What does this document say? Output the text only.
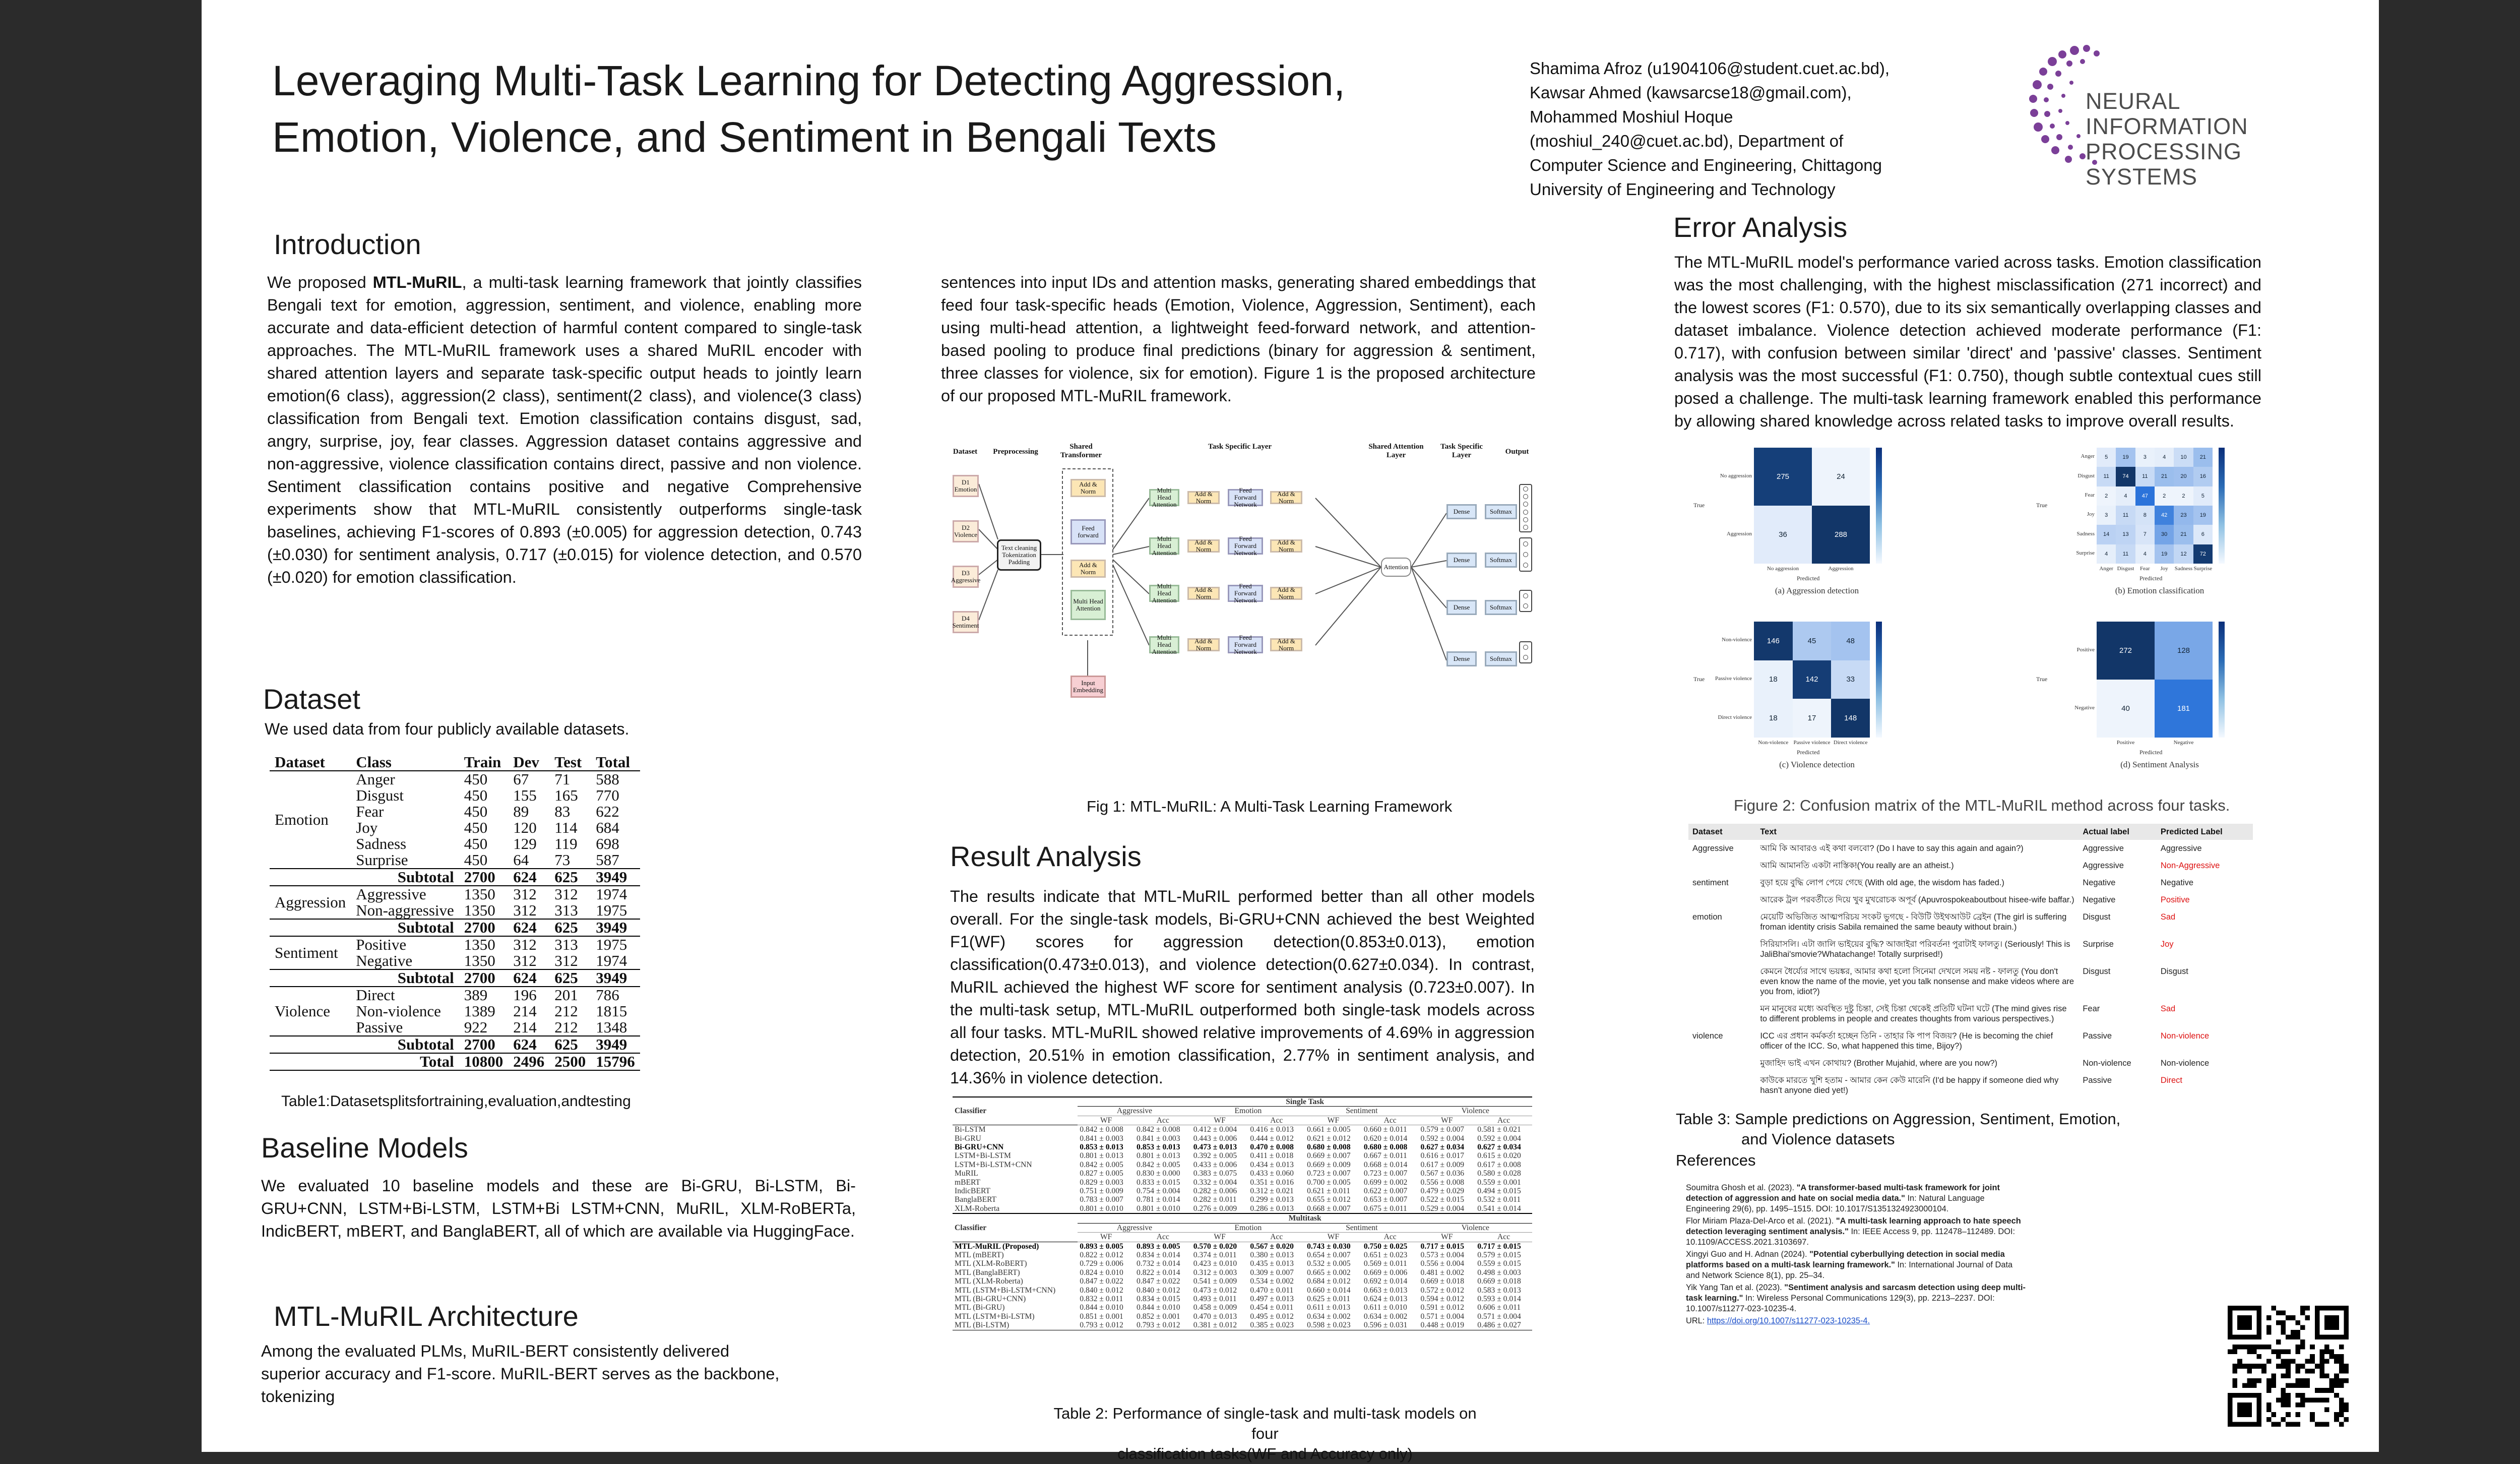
Leveraging Multi-Task Learning for Detecting Aggression,
Emotion, Violence, and Sentiment in Bengali Texts
Shamima Afroz (u1904106@student.cuet.ac.bd),
Kawsar Ahmed (kawsarcse18@gmail.com),
Mohammed Moshiul Hoque
(moshiul_240@cuet.ac.bd), Department of
Computer Science and Engineering, Chittagong
University of Engineering and Technology
NEURAL INFORMATION
PROCESSING SYSTEMS
Introduction
We proposed MTL-MuRIL, a multi-task learning framework that jointly classifies Bengali text for emotion, aggression, sentiment, and violence, enabling more accurate and data-efficient detection of harmful content compared to single-task approaches. The MTL-MuRIL framework uses a shared MuRIL encoder with shared attention layers and separate task-specific output heads to jointly learn emotion(6 class), aggression(2 class), sentiment(2 class), and violence(3 class) classification from Bengali text. Emotion classification contains disgust, sad, angry, surprise, joy, fear classes. Aggression dataset contains aggressive and non-aggressive, violence classification contains direct, passive and non violence. Sentiment classification contains positive and negative Comprehensive experiments show that MTL-MuRIL consistently outperforms single-task baselines, achieving F1-scores of 0.893 (±0.005) for aggression detection, 0.743 (±0.030) for sentiment analysis, 0.717 (±0.015) for violence detection, and 0.570 (±0.020) for emotion classification.
Dataset
We used data from four publicly available datasets.
Dataset	Class	Train	Dev	Test	Total
Emotion	Anger	450	67	71	588
	Disgust	450	155	165	770
	Fear	450	89	83	622
	Joy	450	120	114	684
	Sadness	450	129	119	698
	Surprise	450	64	73	587
	Subtotal	2700	624	625	3949
Aggression	Aggressive	1350	312	312	1974
	Non-aggressive	1350	312	313	1975
	Subtotal	2700	624	625	3949
Sentiment	Positive	1350	312	313	1975
	Negative	1350	312	312	1974
	Subtotal	2700	624	625	3949
Violence	Direct	389	196	201	786
	Non-violence	1389	214	212	1815
	Passive	922	214	212	1348
	Subtotal	2700	624	625	3949
	Total	10800	2496	2500	15796
Table1:Datasetsplitsfortraining,evaluation,andtesting
Baseline Models
We evaluated 10 baseline models and these are Bi-GRU, Bi-LSTM, Bi-GRU+CNN, LSTM+Bi-LSTM, LSTM+Bi LSTM+CNN, MuRIL, XLM-RoBERTa, IndicBERT, mBERT, and BanglaBERT, all of which are available via HuggingFace.
MTL-MuRIL Architecture
Among the evaluated PLMs, MuRIL-BERT consistently delivered
superior accuracy and F1-score. MuRIL-BERT serves as the backbone, tokenizing
sentences into input IDs and attention masks, generating shared embeddings that feed four task-specific heads (Emotion, Violence, Aggression, Sentiment), each using multi-head attention, a lightweight feed-forward network, and attention-based pooling to produce final predictions (binary for aggression & sentiment, three classes for violence, six for emotion). Figure 1 is the proposed architecture of our proposed MTL-MuRIL framework.
Dataset	Preprocessing
Shared Transformer
Task Specific Layer	Shared Attention Layer
Task Specific Layer	Output
D1 Emotion
D2 Violence
D3 Aggressive
D4 Sentiment
Text cleaning Tokenization Padding
Add & Norm
Feed forward
Add & Norm
Multi Head Attention
Input Embedding
Attention
Multi Head Attention
Add & Norm
Feed Forward Network
Add & Norm
Dense	Softmax
Multi Head Attention
Add & Norm
Feed Forward Network
Add & Norm
Dense	Softmax
Multi Head Attention
Add & Norm
Feed Forward Network
Add & Norm
Dense	Softmax
Multi Head Attention
Add & Norm
Feed Forward Network
Add & Norm
Dense	Softmax
Fig 1: MTL-MuRIL: A Multi-Task Learning Framework
Result Analysis
The results indicate that MTL-MuRIL performed better than all other models overall. For the single-task models, Bi-GRU+CNN achieved the best Weighted F1(WF) scores for aggression detection(0.853±0.013), emotion classification(0.473±0.013), and violence detection(0.627±0.034). In contrast, MuRIL achieved the highest WF score for sentiment analysis (0.723±0.007). In the multi-task setup, MTL-MuRIL outperformed both single-task models across all four tasks. MTL-MuRIL showed relative improvements of 4.69% in aggression detection, 20.51% in emotion classification, 2.77% in sentiment analysis, and 14.36% in violence detection.
Classifier	Single Task							
	Aggressive		Emotion		Sentiment		Violence	
	WF	Acc	WF	Acc	WF	Acc	WF	Acc
Bi-LSTM	0.842 ± 0.008	0.842 ± 0.008	0.412 ± 0.004	0.416 ± 0.013	0.661 ± 0.005	0.660 ± 0.011	0.579 ± 0.007	0.581 ± 0.021
Bi-GRU	0.841 ± 0.003	0.841 ± 0.003	0.443 ± 0.006	0.444 ± 0.012	0.621 ± 0.012	0.620 ± 0.014	0.592 ± 0.004	0.592 ± 0.004
Bi-GRU+CNN	0.853 ± 0.013	0.853 ± 0.013	0.473 ± 0.013	0.470 ± 0.008	0.680 ± 0.008	0.680 ± 0.008	0.627 ± 0.034	0.627 ± 0.034
LSTM+Bi-LSTM	0.801 ± 0.013	0.801 ± 0.013	0.392 ± 0.005	0.411 ± 0.018	0.669 ± 0.007	0.667 ± 0.011	0.616 ± 0.017	0.615 ± 0.020
LSTM+Bi-LSTM+CNN	0.842 ± 0.005	0.842 ± 0.005	0.433 ± 0.006	0.434 ± 0.013	0.669 ± 0.009	0.668 ± 0.014	0.617 ± 0.009	0.617 ± 0.008
MuRIL	0.827 ± 0.005	0.830 ± 0.000	0.383 ± 0.075	0.433 ± 0.060	0.723 ± 0.007	0.723 ± 0.007	0.567 ± 0.036	0.580 ± 0.028
mBERT	0.829 ± 0.003	0.833 ± 0.015	0.332 ± 0.004	0.351 ± 0.016	0.700 ± 0.005	0.699 ± 0.002	0.556 ± 0.008	0.559 ± 0.001
IndicBERT	0.751 ± 0.009	0.754 ± 0.004	0.282 ± 0.006	0.312 ± 0.021	0.621 ± 0.011	0.622 ± 0.007	0.479 ± 0.029	0.494 ± 0.015
BanglaBERT	0.783 ± 0.007	0.781 ± 0.014	0.282 ± 0.011	0.299 ± 0.013	0.655 ± 0.012	0.653 ± 0.007	0.522 ± 0.015	0.532 ± 0.011
XLM-Roberta	0.801 ± 0.010	0.801 ± 0.010	0.276 ± 0.009	0.286 ± 0.013	0.668 ± 0.007	0.675 ± 0.011	0.529 ± 0.004	0.541 ± 0.014
Classifier	Multitask							
	Aggressive		Emotion		Sentiment		Violence	
	WF	Acc	WF	Acc	WF	Acc	WF	Acc
MTL-MuRIL (Proposed)	0.893 ± 0.005	0.893 ± 0.005	0.570 ± 0.020	0.567 ± 0.020	0.743 ± 0.030	0.750 ± 0.025	0.717 ± 0.015	0.717 ± 0.015
MTL (mBERT)	0.822 ± 0.012	0.834 ± 0.014	0.374 ± 0.011	0.380 ± 0.013	0.654 ± 0.007	0.651 ± 0.023	0.573 ± 0.004	0.579 ± 0.015
MTL (XLM-RoBERT)	0.729 ± 0.006	0.732 ± 0.014	0.423 ± 0.010	0.435 ± 0.013	0.532 ± 0.005	0.569 ± 0.011	0.556 ± 0.004	0.559 ± 0.015
MTL (BanglaBERT)	0.824 ± 0.010	0.822 ± 0.014	0.312 ± 0.003	0.309 ± 0.007	0.665 ± 0.002	0.669 ± 0.006	0.481 ± 0.002	0.498 ± 0.003
MTL (XLM-Roberta)	0.847 ± 0.022	0.847 ± 0.022	0.541 ± 0.009	0.534 ± 0.002	0.684 ± 0.012	0.692 ± 0.014	0.669 ± 0.018	0.669 ± 0.018
MTL (LSTM+Bi-LSTM+CNN)	0.840 ± 0.012	0.840 ± 0.012	0.473 ± 0.012	0.470 ± 0.011	0.660 ± 0.014	0.663 ± 0.013	0.572 ± 0.012	0.583 ± 0.013
MTL (Bi-GRU+CNN)	0.832 ± 0.011	0.834 ± 0.015	0.493 ± 0.011	0.497 ± 0.013	0.625 ± 0.011	0.624 ± 0.013	0.594 ± 0.012	0.593 ± 0.014
MTL (Bi-GRU)	0.844 ± 0.010	0.844 ± 0.010	0.458 ± 0.009	0.454 ± 0.011	0.611 ± 0.013	0.611 ± 0.010	0.591 ± 0.012	0.606 ± 0.011
MTL (LSTM+Bi-LSTM)	0.851 ± 0.001	0.852 ± 0.001	0.470 ± 0.013	0.495 ± 0.012	0.634 ± 0.002	0.634 ± 0.002	0.571 ± 0.004	0.571 ± 0.004
MTL (Bi-LSTM)	0.793 ± 0.012	0.793 ± 0.012	0.381 ± 0.012	0.385 ± 0.023	0.598 ± 0.023	0.596 ± 0.031	0.448 ± 0.019	0.486 ± 0.027
Table 2: Performance of single-task and multi-task models on four
classification tasks(WF and Accuracy only)
Error Analysis
The MTL-MuRIL model's performance varied across tasks. Emotion classification was the most challenging, with the highest misclassification (271 incorrect) and the lowest scores (F1: 0.570), due to its six semantically overlapping classes and dataset imbalance. Violence detection achieved moderate performance (F1: 0.717), with confusion between similar 'direct' and 'passive' classes. Sentiment analysis was the most successful (F1: 0.750), though subtle contextual cues still posed a challenge. The multi-task learning framework enabled this performance by allowing shared knowledge across related tasks to improve overall results.
275
No aggression	24
36
Aggression
No aggression
288
Aggression
True
Predicted
(a) Aggression detection
5
Anger	19	3	4	10	21
11
Disgust	74	11	21	20	16
2
Fear	4	47	2	2	5
3
Joy	11	8	42	23	19
14
Sadness	13	7	30	21	6
4
Surprise
Anger
11
Disgust
4
Fear
19
Joy
12
Sadness
72
Surprise
True
Predicted
(b) Emotion classification
146
Non-violence	45	48
18
Passive violence	142	33
18
Direct violence
Non-violence
17
Passive violence
148
Direct violence
True
Predicted
(c) Violence detection
272
Positive	128
40
Negative
Positive
181
Negative
True
Predicted
(d) Sentiment Analysis
Figure 2: Confusion matrix of the MTL-MuRIL method across four tasks.
Dataset	Text	Actual label	Predicted Label
Aggressive	আমি কি আবারও এই কথা বলবো? (Do I have to say this again and again?)	Aggressive	Aggressive
	আমি আমানতি একটা নাস্তিক!(You really are an atheist.)	Aggressive	Non-Aggressive
sentiment	বুড়া হয়ে বুদ্ধি লোপ পেয়ে গেছে (With old age, the wisdom has faded.)	Negative	Negative
	আরেক ট্রল পরবর্তীতে দিয়ে খুব মুখরোচক অপূর্ব (Apuvrospokeaboutbout hisee-wife baffar.)	Negative	Positive
emotion	মেয়েটি অভিজিত আত্মপরিচয় সংকট ভুগছে - বিউটি উইথআউট ব্রেইন (The girl is suffering froman identity crisis Sabila remained the same beauty without brain.)	Disgust	Sad
	সিরিয়াসলি। এটা জালি ভাইয়ের বুদ্ধি? আজাইরা পরিবর্তন! পুরাটাই ফালতু। (Seriously! This is JaliBhai'smovie?Whatachange! Totally surprised!)	Surprise	Joy
	কেমনে ধৈর্য্যের সাথে ভয়ঙ্কর, আমার কথা হলো সিনেমা দেখলে সময় নষ্ট - ফালতু (You don't even know the name of the movie, yet you talk nonsense and make videos where are you from, idiot?)	Disgust	Disgust
	মন মানুষের মধ্যে অবস্থিত দুষ্টু চিন্তা, সেই চিন্তা থেকেই প্রতিটি ঘটনা ঘটে (The mind gives rise to different problems in people and creates thoughts from various perspectives.)	Fear	Sad
violence	ICC এর প্রধান কর্মকর্তা হচ্ছেন তিনি - তাহার কি পাপ বিজয়? (He is becoming the chief officer of the ICC. So, what happened this time, Bijoy?)	Passive	Non-violence
	মুজাহিদ ভাই এখন কোথায়? (Brother Mujahid, where are you now?)	Non-violence	Non-violence
	কাউকে মারতে খুশি হতাম - আমার কেন কেউ মারেনি (I'd be happy if someone died why hasn't anyone died yet!)	Passive	Direct
Table 3: Sample predictions on Aggression, Sentiment, Emotion,
and Violence datasets
References

Soumitra Ghosh et al. (2023). "A transformer-based multi-task framework for joint detection of aggression and hate on social media data." In: Natural Language Engineering 29(6), pp. 1495–1515. DOI: 10.1017/S1351324923000104.

Flor Miriam Plaza-Del-Arco et al. (2021). "A multi-task learning approach to hate speech detection leveraging sentiment analysis." In: IEEE Access 9, pp. 112478–112489. DOI: 10.1109/ACCESS.2021.3103697.

Xingyi Guo and H. Adnan (2024). "Potential cyberbullying detection in social media platforms based on a multi-task learning framework." In: International Journal of Data and Network Science 8(1), pp. 25–34.

Yik Yang Tan et al. (2023). "Sentiment analysis and sarcasm detection using deep multi-task learning." In: Wireless Personal Communications 129(3), pp. 2213–2237. DOI: 10.1007/s11277-023-10235-4.

URL: https://doi.org/10.1007/s11277-023-10235-4.
